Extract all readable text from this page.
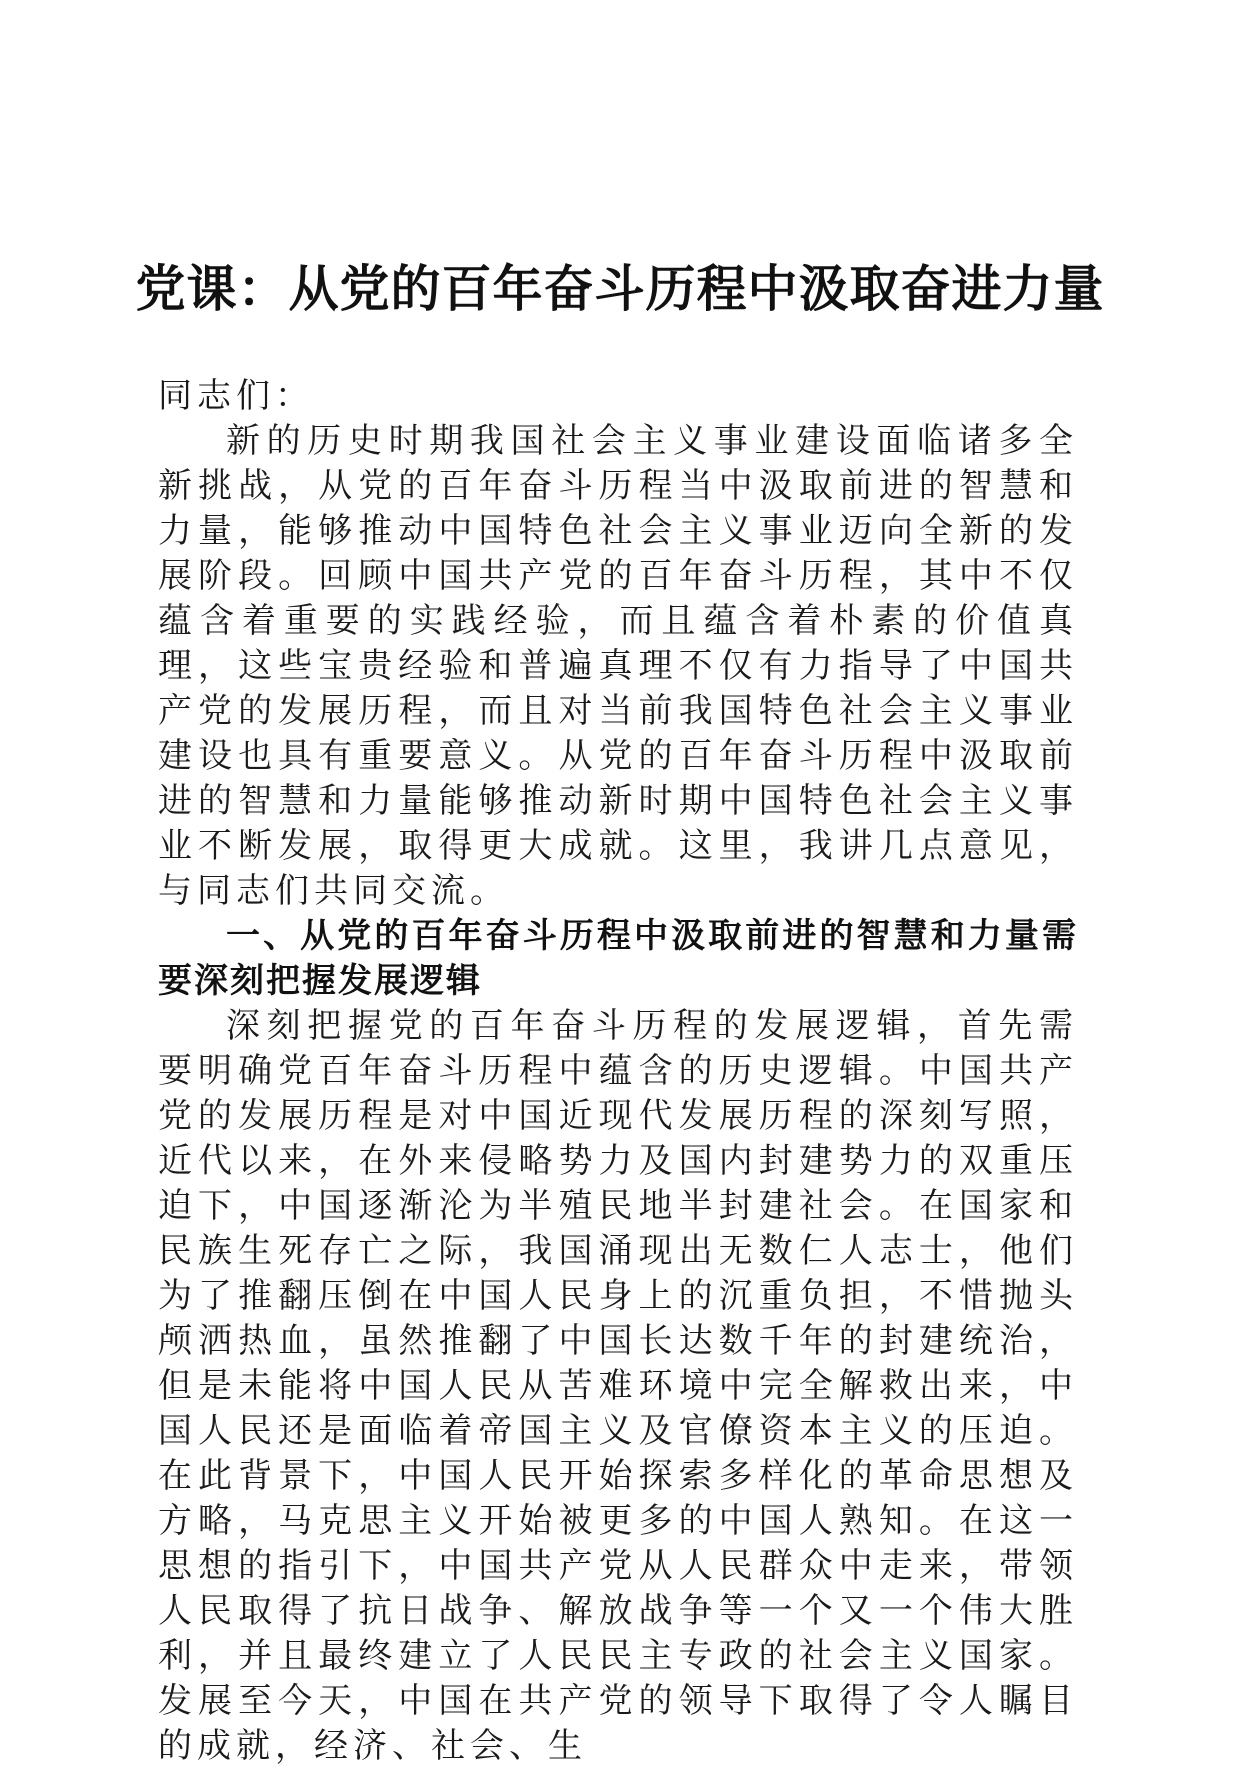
党课：从党的百年奋斗历程中汲取奋进力量

同志们：

新的历史时期我国社会主义事业建设面临诸多全新挑战，从党的百年奋斗历程当中汲取前进的智慧和力量，能够推动中国特色社会主义事业迈向全新的发展阶段。回顾中国共产党的百年奋斗历程，其中不仅蕴含着重要的实践经验，而且蕴含着朴素的价值真理，这些宝贵经验和普遍真理不仅有力指导了中国共产党的发展历程，而且对当前我国特色社会主义事业建设也具有重要意义。从党的百年奋斗历程中汲取前进的智慧和力量能够推动新时期中国特色社会主义事业不断发展，取得更大成就。这里，我讲几点意见，与同志们共同交流。

一、从党的百年奋斗历程中汲取前进的智慧和力量需要深刻把握发展逻辑

深刻把握党的百年奋斗历程的发展逻辑，首先需要明确党百年奋斗历程中蕴含的历史逻辑。中国共产党的发展历程是对中国近现代发展历程的深刻写照，近代以来，在外来侵略势力及国内封建势力的双重压迫下，中国逐渐沦为半殖民地半封建社会。在国家和民族生死存亡之际，我国涌现出无数仁人志士，他们为了推翻压倒在中国人民身上的沉重负担，不惜抛头颅洒热血，虽然推翻了中国长达数千年的封建统治，但是未能将中国人民从苦难环境中完全解救出来，中国人民还是面临着帝国主义及官僚资本主义的压迫。在此背景下，中国人民开始探索多样化的革命思想及方略，马克思主义开始被更多的中国人熟知。在这一思想的指引下，中国共产党从人民群众中走来，带领人民取得了抗日战争、解放战争等一个又一个伟大胜利，并且最终建立了人民民主专政的社会主义国家。发展至今天，中国在共产党的领导下取得了令人瞩目的成就，经济、社会、生
